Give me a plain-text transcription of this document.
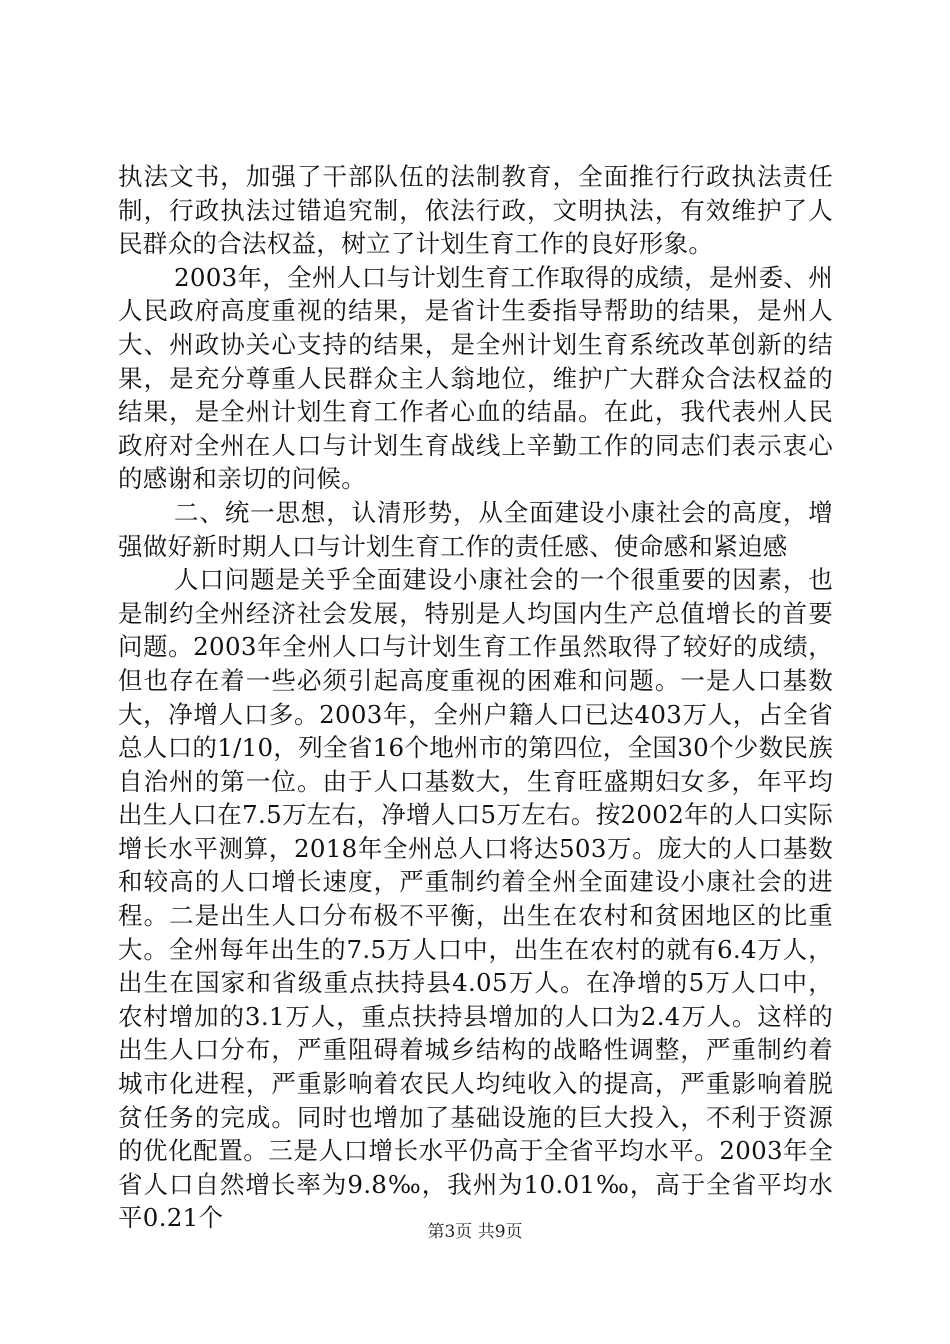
执法文书，加强了干部队伍的法制教育，全面推行行政执法责任制，行政执法过错追究制，依法行政，文明执法，有效维护了人民群众的合法权益，树立了计划生育工作的良好形象。

2003年，全州人口与计划生育工作取得的成绩，是州委、州人民政府高度重视的结果，是省计生委指导帮助的结果，是州人大、州政协关心支持的结果，是全州计划生育系统改革创新的结果，是充分尊重人民群众主人翁地位，维护广大群众合法权益的结果，是全州计划生育工作者心血的结晶。在此，我代表州人民政府对全州在人口与计划生育战线上辛勤工作的同志们表示衷心的感谢和亲切的问候。

二、统一思想，认清形势，从全面建设小康社会的高度，增强做好新时期人口与计划生育工作的责任感、使命感和紧迫感

人口问题是关乎全面建设小康社会的一个很重要的因素，也是制约全州经济社会发展，特别是人均国内生产总值增长的首要问题。2003年全州人口与计划生育工作虽然取得了较好的成绩，但也存在着一些必须引起高度重视的困难和问题。一是人口基数大，净增人口多。2003年，全州户籍人口已达403万人，占全省总人口的1/10，列全省16个地州市的第四位，全国30个少数民族自治州的第一位。由于人口基数大，生育旺盛期妇女多，年平均出生人口在7.5万左右，净增人口5万左右。按2002年的人口实际增长水平测算，2018年全州总人口将达503万。庞大的人口基数和较高的人口增长速度，严重制约着全州全面建设小康社会的进程。二是出生人口分布极不平衡，出生在农村和贫困地区的比重大。全州每年出生的7.5万人口中，出生在农村的就有6.4万人，出生在国家和省级重点扶持县4.05万人。在净增的5万人口中，农村增加的3.1万人，重点扶持县增加的人口为2.4万人。这样的出生人口分布，严重阻碍着城乡结构的战略性调整，严重制约着城市化进程，严重影响着农民人均纯收入的提高，严重影响着脱贫任务的完成。同时也增加了基础设施的巨大投入，不利于资源的优化配置。三是人口增长水平仍高于全省平均水平。2003年全省人口自然增长率为9.8‰，我州为10.01‰，高于全省平均水平0.21个	第3页 共9页
